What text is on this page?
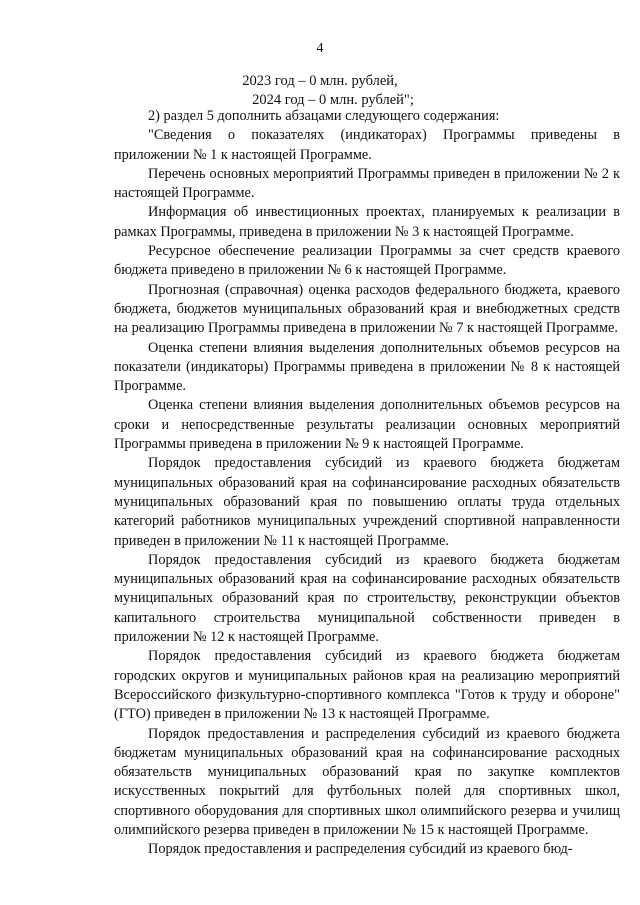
4
2023 год – 0 млн. рублей,
2024 год – 0 млн. рублей";

2) раздел 5 дополнить абзацами следующего содержания:

"Сведения о показателях (индикаторах) Программы приведены в приложении № 1 к настоящей Программе.

Перечень основных мероприятий Программы приведен в приложении № 2 к настоящей Программе.

Информация об инвестиционных проектах, планируемых к реализации в рамках Программы, приведена в приложении № 3 к настоящей Программе.

Ресурсное обеспечение реализации Программы за счет средств краевого бюджета приведено в приложении № 6 к настоящей Программе.

Прогнозная (справочная) оценка расходов федерального бюджета, краевого бюджета, бюджетов муниципальных образований края и внебюджетных средств на реализацию Программы приведена в приложении № 7 к настоящей Программе.

Оценка степени влияния выделения дополнительных объемов ресурсов на показатели (индикаторы) Программы приведена в приложении № 8 к настоящей Программе.

Оценка степени влияния выделения дополнительных объемов ресурсов на сроки и непосредственные результаты реализации основных мероприятий Программы приведена в приложении № 9 к настоящей Программе.

Порядок предоставления субсидий из краевого бюджета бюджетам муниципальных образований края на софинансирование расходных обязательств муниципальных образований края по повышению оплаты труда отдельных категорий работников муниципальных учреждений спортивной направленности приведен в приложении № 11 к настоящей Программе.

Порядок предоставления субсидий из краевого бюджета бюджетам муниципальных образований края на софинансирование расходных обязательств муниципальных образований края по строительству, реконструкции объектов капитального строительства муниципальной собственности приведен в приложении № 12 к настоящей Программе.

Порядок предоставления субсидий из краевого бюджета бюджетам городских округов и муниципальных районов края на реализацию мероприятий Всероссийского физкультурно-спортивного комплекса "Готов к труду и обороне" (ГТО) приведен в приложении № 13 к настоящей Программе.

Порядок предоставления и распределения субсидий из краевого бюджета бюджетам муниципальных образований края на софинансирование расходных обязательств муниципальных образований края по закупке комплектов искусственных покрытий для футбольных полей для спортивных школ, спортивного оборудования для спортивных школ олимпийского резерва и училищ олимпийского резерва приведен в приложении № 15 к настоящей Программе.

Порядок предоставления и распределения субсидий из краевого бюд-
